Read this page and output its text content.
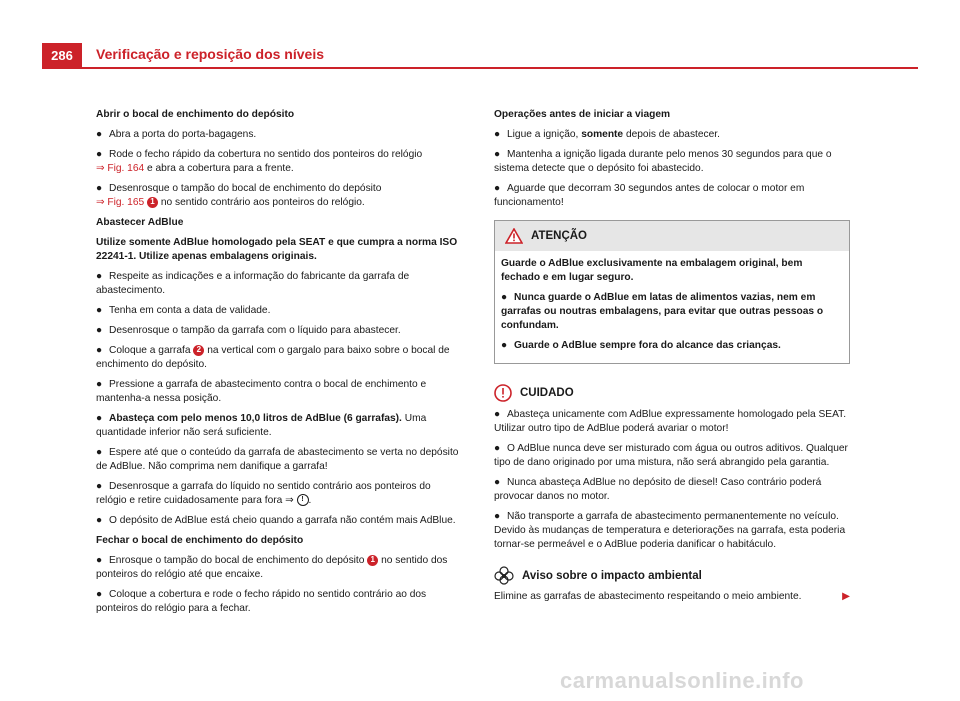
286	Verificação e reposição dos níveis
Abrir o bocal de enchimento do depósito
● Abra a porta do porta-bagagens.
● Rode o fecho rápido da cobertura no sentido dos ponteiros do relógio
⇒ Fig. 164 e abra a cobertura para a frente.
● Desenrosque o tampão do bocal de enchimento do depósito
⇒ Fig. 165 1 no sentido contrário aos ponteiros do relógio.
Abastecer AdBlue
Utilize somente AdBlue homologado pela SEAT e que cumpra a norma ISO 22241-1. Utilize apenas embalagens originais.
● Respeite as indicações e a informação do fabricante da garrafa de abastecimento.
● Tenha em conta a data de validade.
● Desenrosque o tampão da garrafa com o líquido para abastecer.
● Coloque a garrafa 2 na vertical com o gargalo para baixo sobre o bocal de enchimento do depósito.
● Pressione a garrafa de abastecimento contra o bocal de enchimento e mantenha-a nessa posição.
● Abasteça com pelo menos 10,0 litros de AdBlue (6 garrafas). Uma quantidade inferior não será suficiente.
● Espere até que o conteúdo da garrafa de abastecimento se verta no depósito de AdBlue. Não comprima nem danifique a garrafa!
● Desenrosque a garrafa do líquido no sentido contrário aos ponteiros do relógio e retire cuidadosamente para fora ⇒ ! .
● O depósito de AdBlue está cheio quando a garrafa não contém mais AdBlue.
Fechar o bocal de enchimento do depósito
● Enrosque o tampão do bocal de enchimento do depósito 1 no sentido dos ponteiros do relógio até que encaixe.
● Coloque a cobertura e rode o fecho rápido no sentido contrário ao dos ponteiros do relógio para a fechar.
Operações antes de iniciar a viagem
● Ligue a ignição, somente depois de abastecer.
● Mantenha a ignição ligada durante pelo menos 30 segundos para que o sistema detecte que o depósito foi abastecido.
● Aguarde que decorram 30 segundos antes de colocar o motor em funcionamento!
ATENÇÃO
Guarde o AdBlue exclusivamente na embalagem original, bem fechado e em lugar seguro.
● Nunca guarde o AdBlue em latas de alimentos vazias, nem em garrafas ou noutras embalagens, para evitar que outras pessoas o confundam.
● Guarde o AdBlue sempre fora do alcance das crianças.
CUIDADO
● Abasteça unicamente com AdBlue expressamente homologado pela SEAT. Utilizar outro tipo de AdBlue poderá avariar o motor!
● O AdBlue nunca deve ser misturado com água ou outros aditivos. Qualquer tipo de dano originado por uma mistura, não será abrangido pela garantia.
● Nunca abasteça AdBlue no depósito de diesel! Caso contrário poderá provocar danos no motor.
● Não transporte a garrafa de abastecimento permanentemente no veículo. Devido às mudanças de temperatura e deteriorações na garrafa, esta poderia tornar-se permeável e o AdBlue poderia danificar o habitáculo.
Aviso sobre o impacto ambiental
Elimine as garrafas de abastecimento respeitando o meio ambiente.	▶
carmanualsonline.info
